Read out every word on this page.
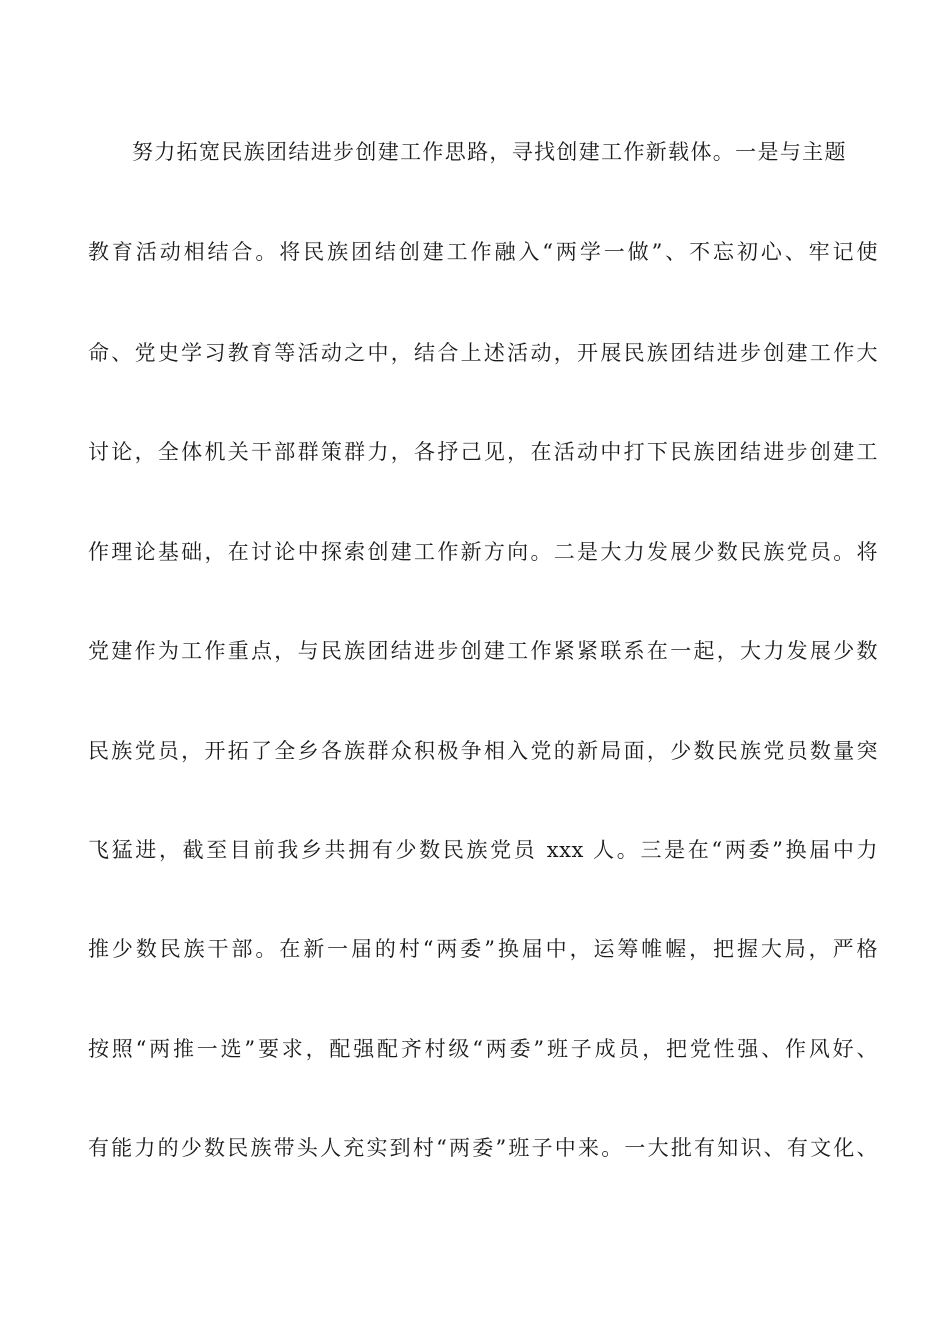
努力拓宽民族团结进步创建工作思路，寻找创建工作新载体。一是与主题
教育活动相结合。将民族团结创建工作融入“两学一做”、不忘初心、牢记使
命、党史学习教育等活动之中，结合上述活动，开展民族团结进步创建工作大
讨论，全体机关干部群策群力，各抒己见，在活动中打下民族团结进步创建工
作理论基础，在讨论中探索创建工作新方向。二是大力发展少数民族党员。将
党建作为工作重点，与民族团结进步创建工作紧紧联系在一起，大力发展少数
民族党员，开拓了全乡各族群众积极争相入党的新局面，少数民族党员数量突
飞猛进，截至目前我乡共拥有少数民族党员 xxx 人。三是在“两委”换届中力
推少数民族干部。在新一届的村“两委”换届中，运筹帷幄，把握大局，严格
按照“两推一选”要求，配强配齐村级“两委”班子成员，把党性强、作风好、
有能力的少数民族带头人充实到村“两委”班子中来。一大批有知识、有文化、
